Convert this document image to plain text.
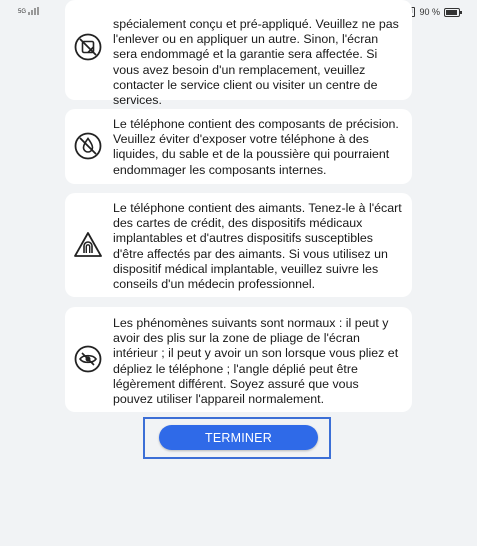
5G	90 %
spécialement conçu et pré-appliqué. Veuillez ne pas l'enlever ou en appliquer un autre. Sinon, l'écran sera endommagé et la garantie sera affectée. Si vous avez besoin d'un remplacement, veuillez contacter le service client ou visiter un centre de services.
Le téléphone contient des composants de précision. Veuillez éviter d'exposer votre téléphone à des liquides, du sable et de la poussière qui pourraient endommager les composants internes.
Le téléphone contient des aimants. Tenez-le à l'écart des cartes de crédit, des dispositifs médicaux implantables et d'autres dispositifs susceptibles d'être affectés par des aimants. Si vous utilisez un dispositif médical implantable, veuillez suivre les conseils d'un médecin professionnel.
Les phénomènes suivants sont normaux : il peut y avoir des plis sur la zone de pliage de l'écran intérieur ; il peut y avoir un son lorsque vous pliez et dépliez le téléphone ; l'angle déplié peut être légèrement différent. Soyez assuré que vous pouvez utiliser l'appareil normalement.
TERMINER
